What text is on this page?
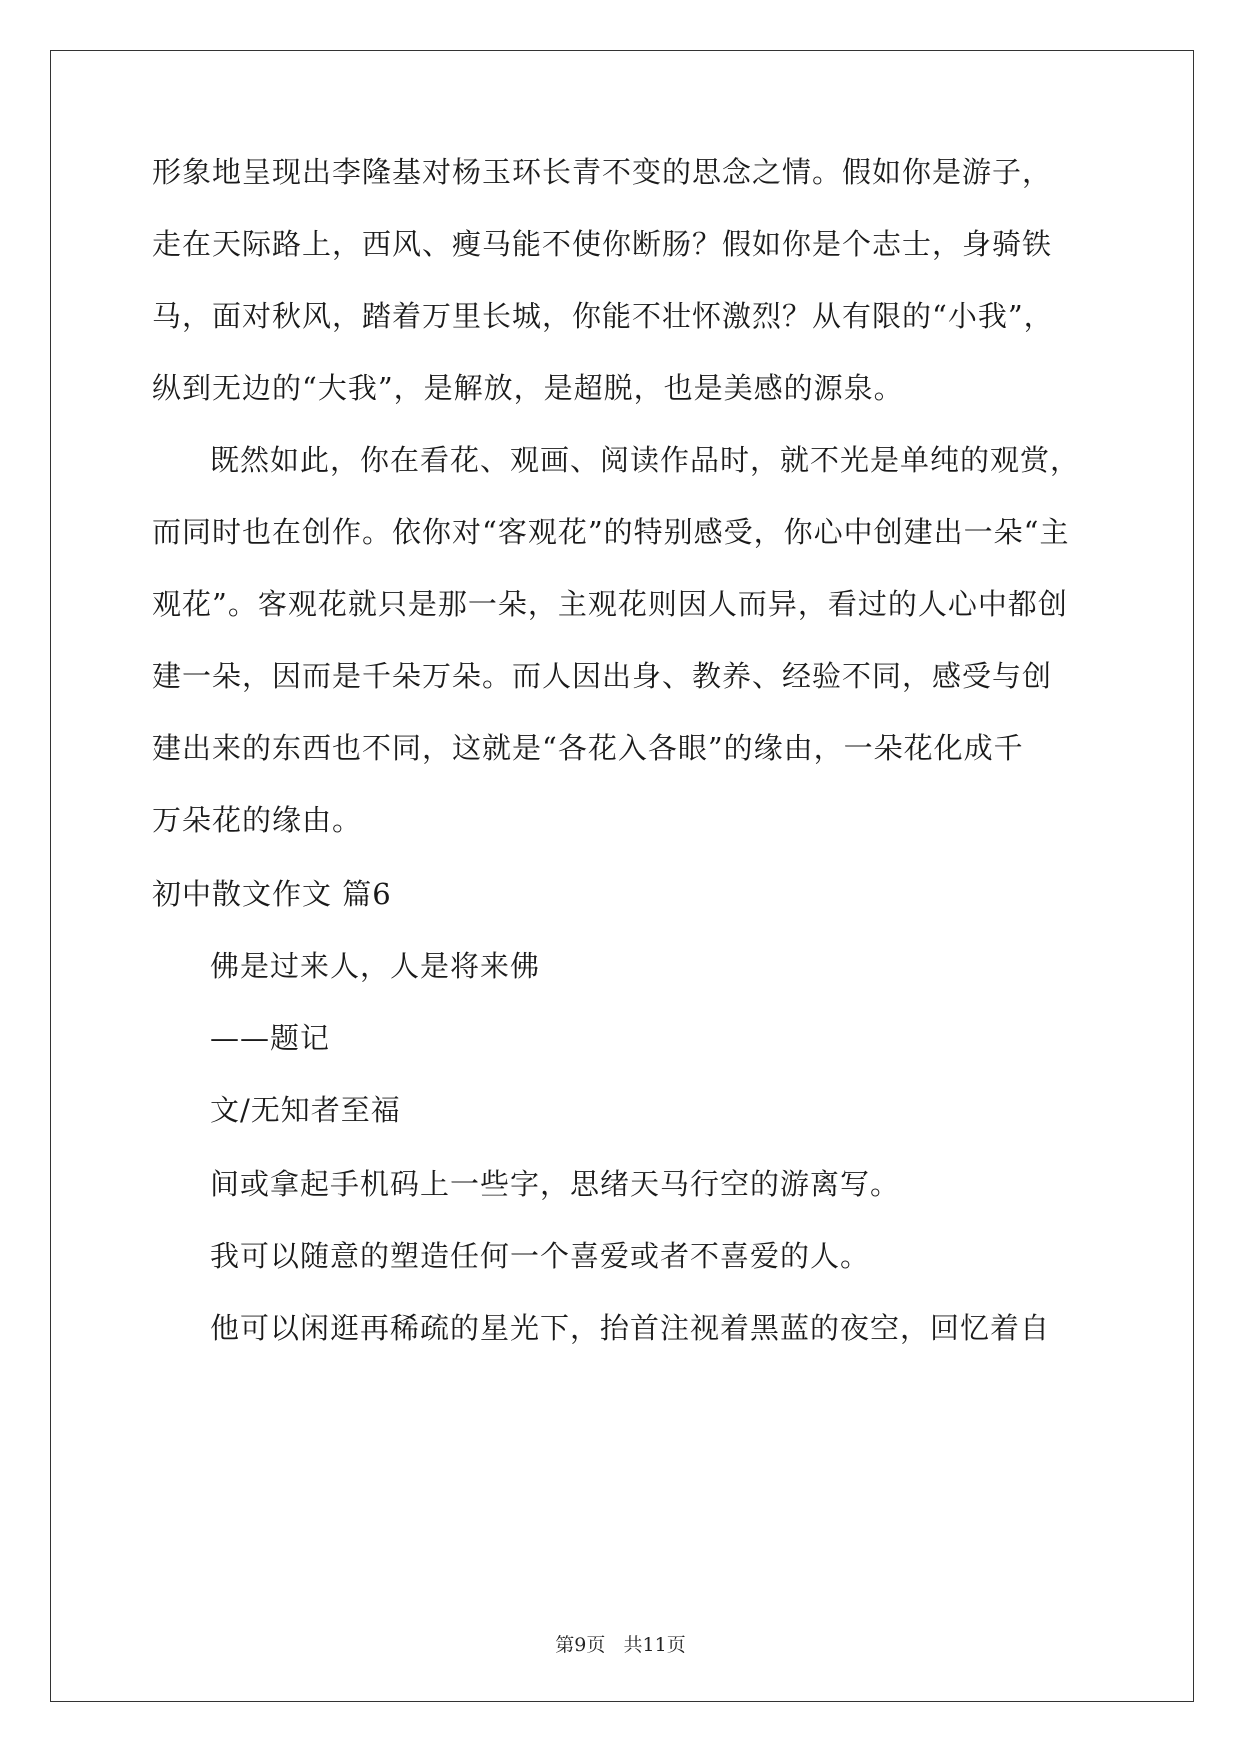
形象地呈现出李隆基对杨玉环长青不变的思念之情。假如你是游子，
走在天际路上，西风、瘦马能不使你断肠？假如你是个志士，身骑铁
马，面对秋风，踏着万里长城，你能不壮怀激烈？从有限的“小我”，
纵到无边的“大我”，是解放，是超脱，也是美感的源泉。
既然如此，你在看花、观画、阅读作品时，就不光是单纯的观赏，
而同时也在创作。依你对“客观花”的特别感受，你心中创建出一朵“主
观花”。客观花就只是那一朵，主观花则因人而异，看过的人心中都创
建一朵，因而是千朵万朵。而人因出身、教养、经验不同，感受与创
建出来的东西也不同，这就是“各花入各眼”的缘由，一朵花化成千
万朵花的缘由。
初中散文作文 篇6
佛是过来人，人是将来佛
——题记
文/无知者至福
间或拿起手机码上一些字，思绪天马行空的游离写。
我可以随意的塑造任何一个喜爱或者不喜爱的人。
他可以闲逛再稀疏的星光下，抬首注视着黑蓝的夜空，回忆着自
第9页 共11页
